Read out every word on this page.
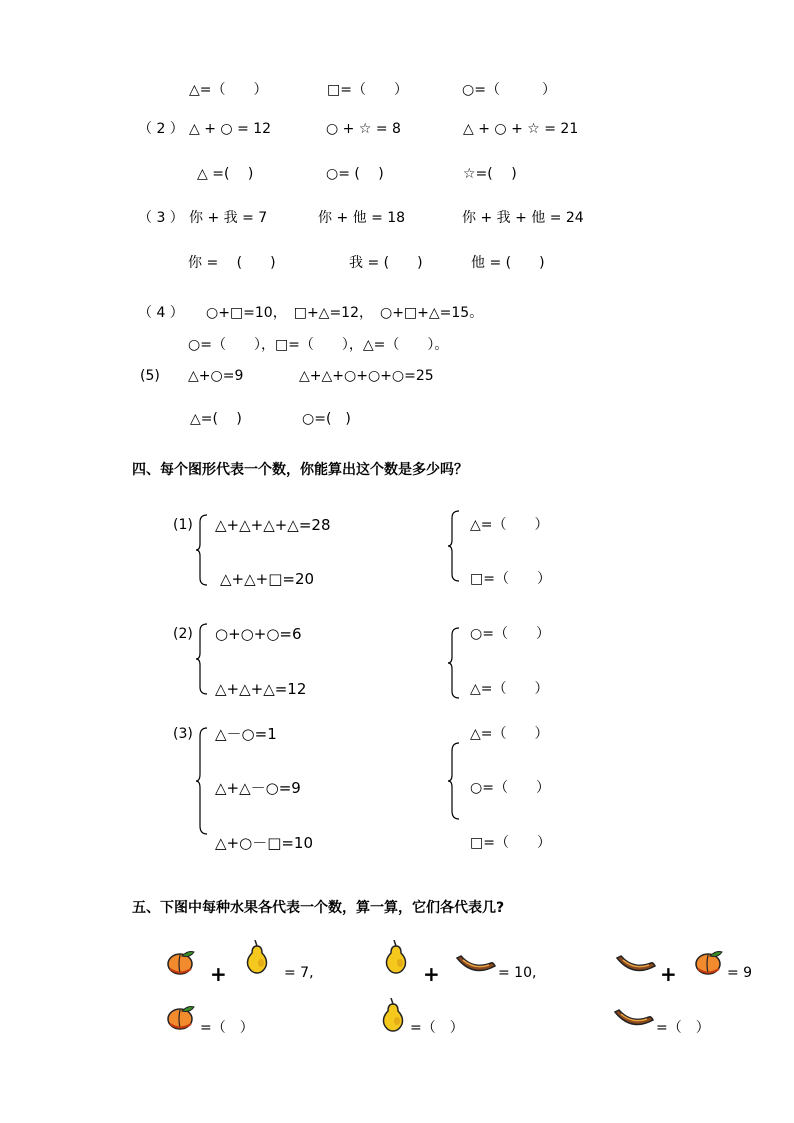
△=（　　）	□=（　　）	○=（　　　）
（ 2 ） △ + ○ = 12	○ + ☆ = 8	△ + ○ + ☆ = 21
△ =(　 )	○= (　 )	☆=(　 )
（ 3 ） 你 + 我 = 7	你 + 他 = 18	你 + 我 + 他 = 24
你 =　 (　　)	我 = (　　)	他 = (　　)
（ 4 ） ○+□=10，　□+△=12，　○+□+△=15。
○=（　　），□=（　　），△=（　　）。
(5) △+○=9	△+△+○+○+○=25
△=(　 )	○=(　)
四、每个图形代表一个数，你能算出这个数是多少吗？
(1) △+△+△+△=28
△+△+□=20
△=（　　）
□=（　　）
(2) ○+○+○=6
△+△+△=12
○=（　　）
△=（　　）
(3) △－○=1
△+△－○=9
△+○－□=10
△=（　　）
○=（　　）
□=（　　）
五、下图中每种水果各代表一个数，算一算，它们各代表几?
+	= 7,	+	= 10,	+	= 9
=（　）	=（　）	=（　）
